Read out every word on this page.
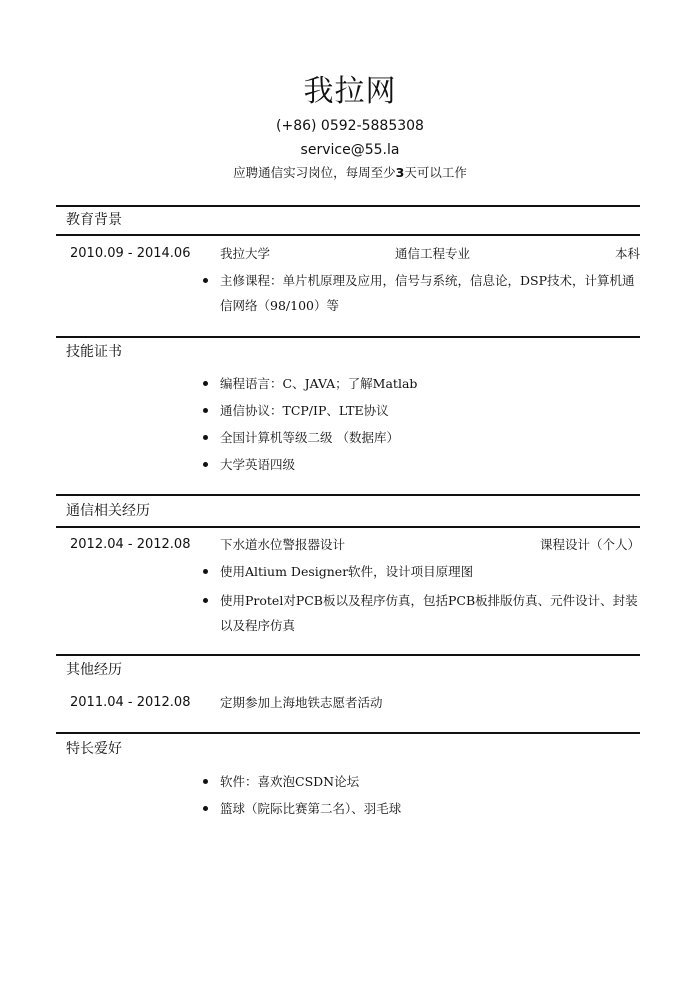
我拉网
(+86) 0592-5885308
service@55.la
应聘通信实习岗位，每周至少3天可以工作
教育背景
2010.09 - 2014.06 我拉大学	通信工程专业	本科
主修课程：单片机原理及应用，信号与系统，信息论，DSP技术，计算机通信网络（98/100）等
技能证书
编程语言：C、JAVA；了解Matlab
通信协议：TCP/IP、LTE协议
全国计算机等级二级 （数据库）
大学英语四级
通信相关经历
2012.04 - 2012.08 下水道水位警报器设计	课程设计（个人）
使用Altium Designer软件，设计项目原理图
使用Protel对PCB板以及程序仿真，包括PCB板排版仿真、元件设计、封装以及程序仿真
其他经历
2011.04 - 2012.08 定期参加上海地铁志愿者活动
特长爱好
软件：喜欢泡CSDN论坛
篮球（院际比赛第二名）、羽毛球
